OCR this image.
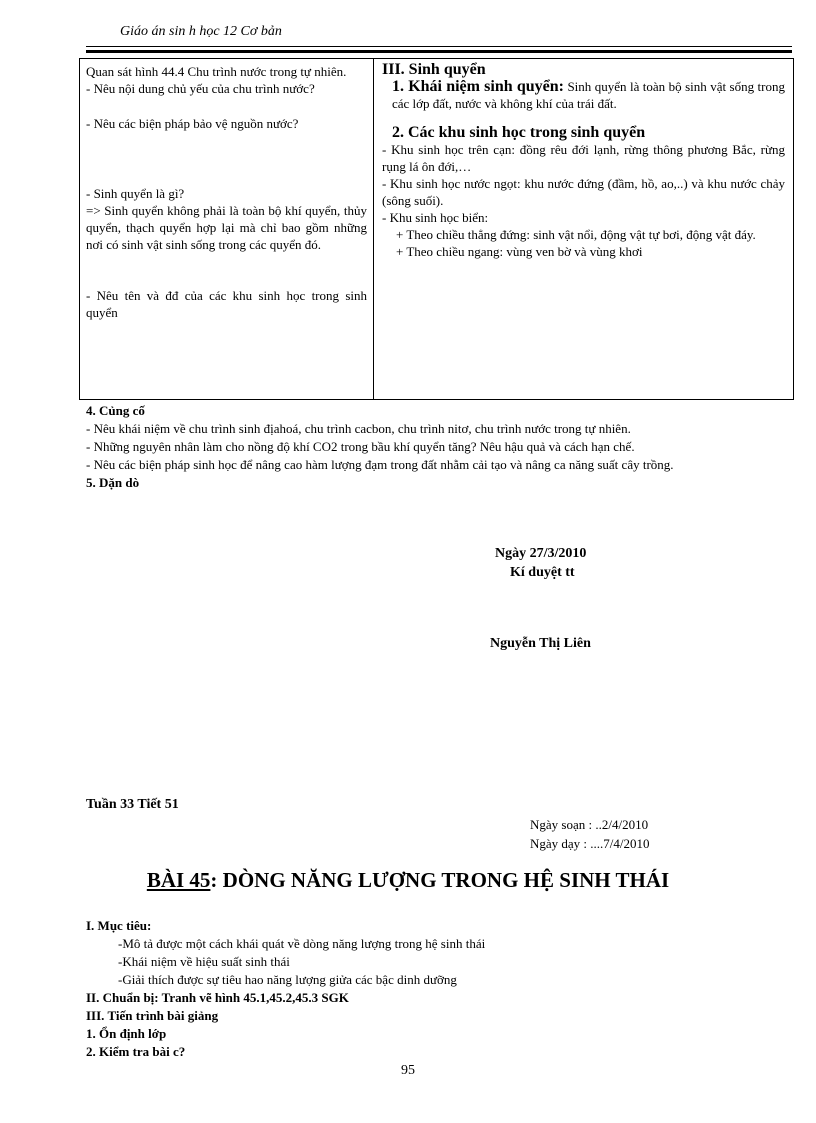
Giáo án sin h học 12 Cơ bản

Quan sát hình 44.4 Chu trình nước trong tự nhiên.

- Nêu nội dung chủ yếu của chu trình nước?

- Nêu các biện pháp bảo vệ nguồn nước?

- Sinh quyển là gì?

=> Sinh quyển không phải là toàn bộ khí quyển, thủy quyển, thạch quyển hợp lại mà chỉ bao gồm những nơi có sinh vật sinh sống trong các quyển đó.

- Nêu tên và đđ của các khu sinh học trong sinh quyển

III. Sinh quyển

1. Khái niệm sinh quyển: Sinh quyển là toàn bộ sinh vật sống trong các lớp đất, nước và không khí của trái đất.

2. Các khu sinh học trong sinh quyển

- Khu sinh học trên cạn: đồng rêu đới lạnh, rừng thông phương Bắc, rừng rụng lá ôn đới,…

- Khu sinh học nước ngọt: khu nước đứng (đầm, hồ, ao,..) và khu nước chảy (sông suối).

- Khu sinh học biển:

+ Theo chiều thẳng đứng: sinh vật nổi, động vật tự bơi, động vật đáy.

+ Theo chiều ngang: vùng ven bờ và vùng khơi

4. Củng cố

- Nêu khái niệm về chu trình sinh địahoá, chu trình cacbon, chu trình nitơ, chu trình nước trong tự nhiên.

- Những nguyên nhân làm cho nồng độ khí CO2 trong bầu khí quyển tăng? Nêu hậu quả và cách hạn chế.

- Nêu các biện pháp sinh học để nâng cao hàm lượng đạm trong đất nhằm cải tạo và nâng ca năng suất cây trồng.

5. Dặn dò

Ngày 27/3/2010
Kí duyệt tt
Nguyễn Thị Liên
Tuần 33 Tiết 51
Ngày soạn : ..2/4/2010
Ngày dạy : ....7/4/2010
BÀI 45: DÒNG NĂNG LƯỢNG TRONG HỆ SINH THÁI

I. Mục tiêu:

-Mô tả được một cách khái quát về dòng năng lượng trong hệ sinh thái

-Khái niệm về hiệu suất sinh thái

-Giải thích được sự tiêu hao năng lượng giửa các bậc dinh dưỡng

II. Chuẩn bị: Tranh vẽ hình 45.1,45.2,45.3 SGK

III. Tiến trình bài giảng

1. Ổn định lớp

2. Kiểm tra bài c?

95
